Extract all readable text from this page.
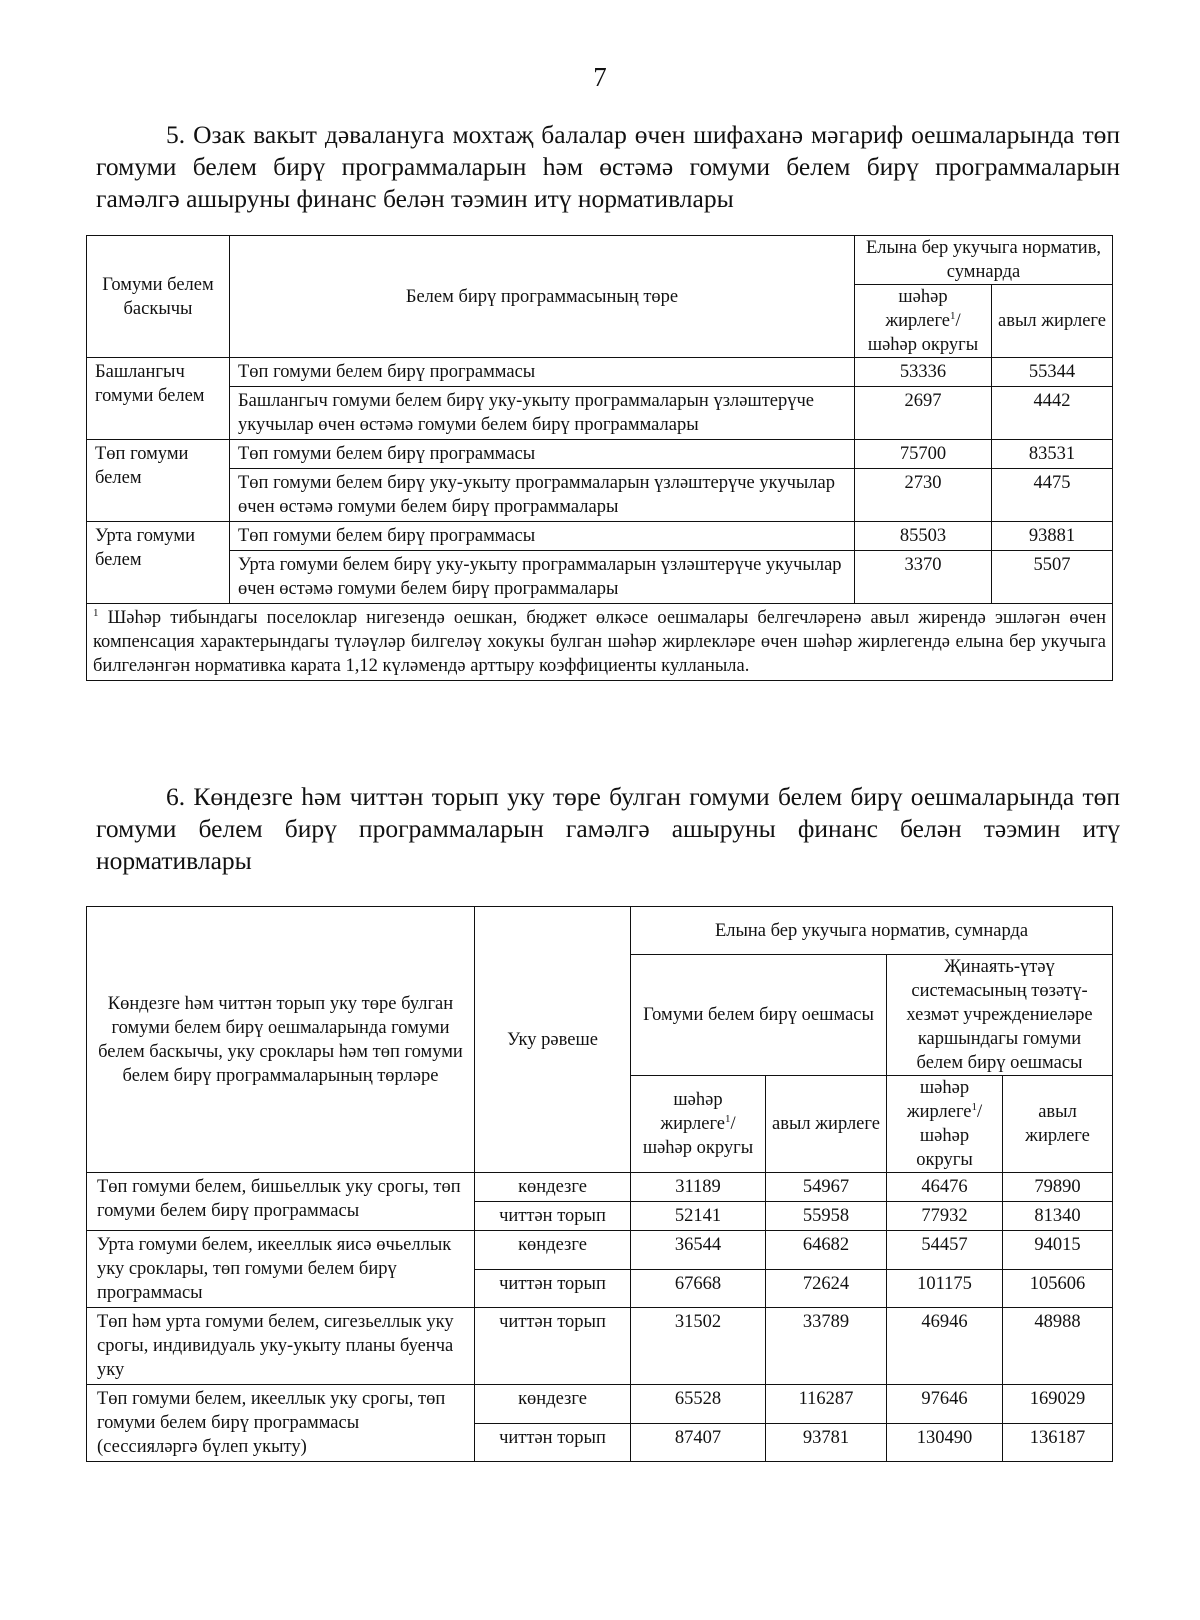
7
5. Озак вакыт дәвалануга мохтаҗ балалар өчен шифаханә мәгариф оешмаларында төп гомуми белем бирү программаларын һәм өстәмә гомуми белем бирү программаларын гамәлгә ашыруны финанс белән тәэмин итү нормативлары
Гомуми белем баскычы	Белем бирү программасының төре	Елына бер укучыга норматив, сумнарда	
		шәһәр жирлеге$^1$/ шәһәр округы	авыл жирлеге
Башлангыч гомуми белем	Төп гомуми белем бирү программасы	53336	55344
	Башлангыч гомуми белем бирү уку-укыту программаларын үзләштерүче укучылар өчен өстәмә гомуми белем бирү программалары	2697	4442
Төп гомуми белем	Төп гомуми белем бирү программасы	75700	83531
	Төп гомуми белем бирү уку-укыту программаларын үзләштерүче укучылар өчен өстәмә гомуми белем бирү программалары	2730	4475
Урта гомуми белем	Төп гомуми белем бирү программасы	85503	93881
	Урта гомуми белем бирү уку-укыту программаларын үзләштерүче укучылар өчен өстәмә гомуми белем бирү программалары	3370	5507
$^1$ Шәһәр тибындагы поселоклар нигезендә оешкан, бюджет өлкәсе оешмалары белгечләренә авыл жирендә эшләгән өчен компенсация характерындагы түләүләр билгеләү хокукы булган шәһәр жирлекләре өчен шәһәр жирлегендә елына бер укучыга билгеләнгән нормативка карата 1,12 күләмендә арттыру коэффициенты кулланыла.			
6. Көндезге һәм читтән торып уку төре булган гомуми белем бирү оешмаларында төп гомуми белем бирү программаларын гамәлгә ашыруны финанс белән тәэмин итү нормативлары
Көндезге һәм читтән торып уку төре булган гомуми белем бирү оешмаларында гомуми белем баскычы, уку сроклары һәм төп гомуми белем бирү программаларының төрләре	Уку рәвеше	Елына бер укучыга норматив, сумнарда			
		Гомуми белем бирү оешмасы		Җинаять-үтәү системасының төзәтү-хезмәт учреждениеләре каршындагы гомуми белем бирү оешмасы	
		шәһәр жирлеге$^1$/ шәһәр округы	авыл жирлеге	шәһәр жирлеге$^1$/ шәһәр округы	авыл жирлеге
Төп гомуми белем, бишьеллык уку срогы, төп гомуми белем бирү программасы	көндезге	31189	54967	46476	79890
	читтән торып	52141	55958	77932	81340
Урта гомуми белем, икееллык яисә өчьеллык уку сроклары, төп гомуми белем бирү программасы	көндезге	36544	64682	54457	94015
	читтән торып	67668	72624	101175	105606
Төп һәм урта гомуми белем, сигезьеллык уку срогы, индивидуаль уку-укыту планы буенча уку	читтән торып	31502	33789	46946	48988
Төп гомуми белем, икееллык уку срогы, төп гомуми белем бирү программасы (сессияләргә бүлеп укыту)	көндезге	65528	116287	97646	169029
	читтән торып	87407	93781	130490	136187
